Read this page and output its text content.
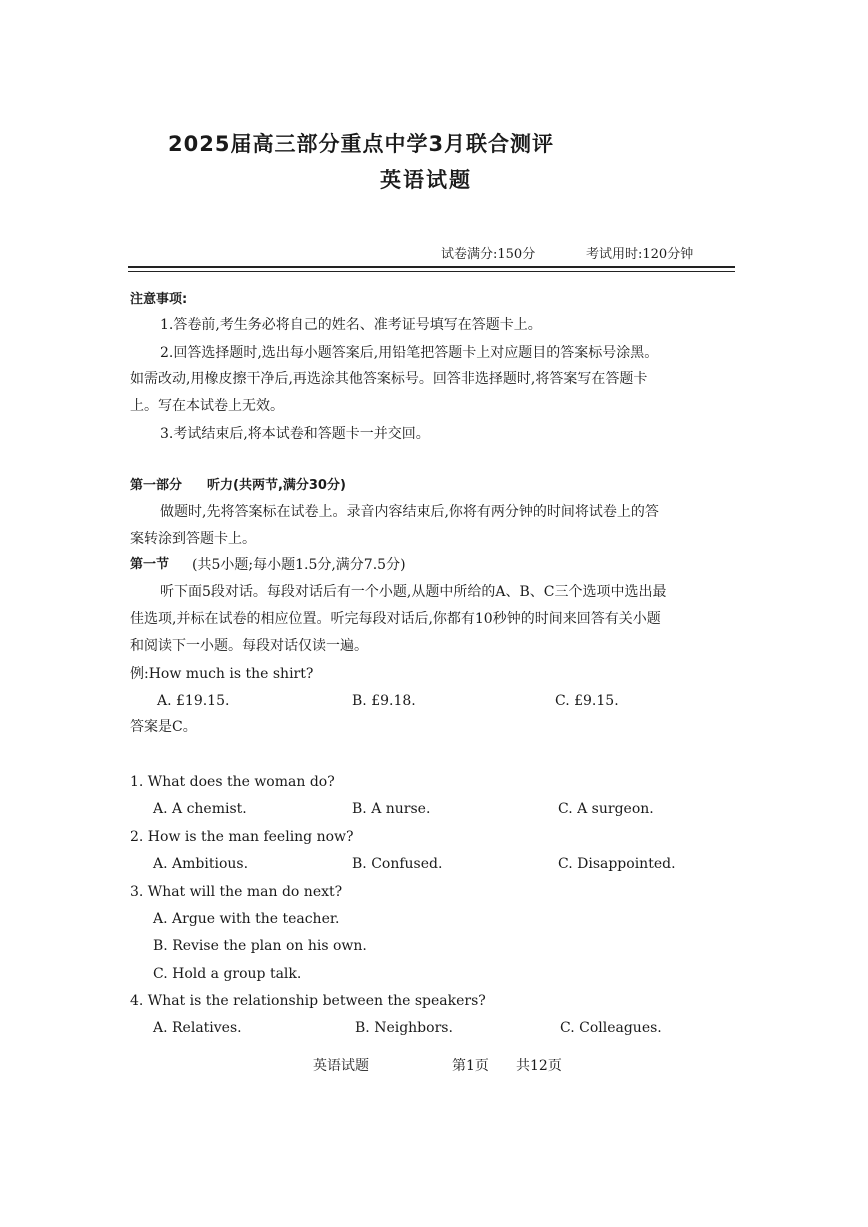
2025届高三部分重点中学3月联合测评
英语试题
试卷满分:150分	考试用时:120分钟
注意事项:
1.答卷前,考生务必将自己的姓名、准考证号填写在答题卡上。
2.回答选择题时,选出每小题答案后,用铅笔把答题卡上对应题目的答案标号涂黑。
如需改动,用橡皮擦干净后,再选涂其他答案标号。回答非选择题时,将答案写在答题卡
上。写在本试卷上无效。
3.考试结束后,将本试卷和答题卡一并交回。
第一部分 听力(共两节,满分30分)
做题时,先将答案标在试卷上。录音内容结束后,你将有两分钟的时间将试卷上的答
案转涂到答题卡上。
第一节 (共5小题;每小题1.5分,满分7.5分)
听下面5段对话。每段对话后有一个小题,从题中所给的A、B、C三个选项中选出最
佳选项,并标在试卷的相应位置。听完每段对话后,你都有10秒钟的时间来回答有关小题
和阅读下一小题。每段对话仅读一遍。
例:How much is the shirt?
A. £19.15.	B. £9.18.	C. £9.15.
答案是C。
1. What does the woman do?
A. A chemist.	B. A nurse.	C. A surgeon.
2. How is the man feeling now?
A. Ambitious.	B. Confused.	C. Disappointed.
3. What will the man do next?
A. Argue with the teacher.
B. Revise the plan on his own.
C. Hold a group talk.
4. What is the relationship between the speakers?
A. Relatives.	B. Neighbors.	C. Colleagues.
英语试题	第1页 共12页
